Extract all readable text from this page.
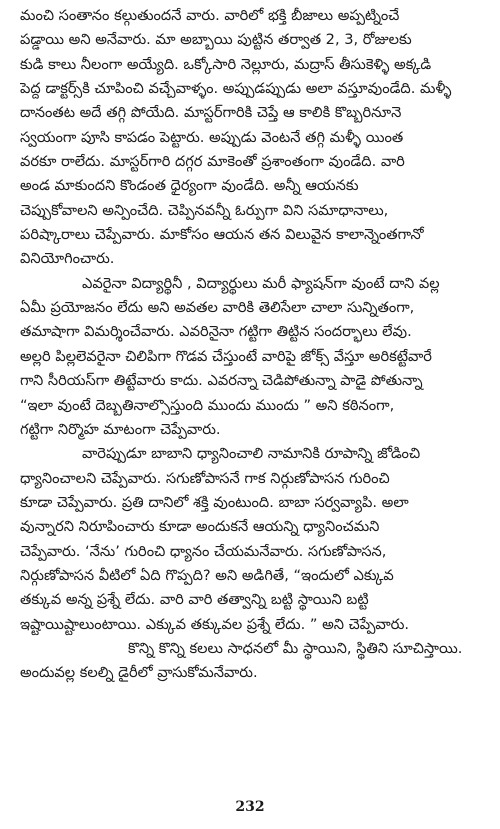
మంచి సంతానం కల్గుతుందనే వారు. వారిలో భక్తి బీజాలు అప్పట్నించే
పడ్డాయి అని అనేవారు. మా అబ్బాయి పుట్టిన తర్వాత 2, 3, రోజులకు
కుడి కాలు నీలంగా అయ్యేది. ఒక్కోసారి నెల్లూరు, మద్రాస్ తీసుకెళ్ళి అక్కడి
పెద్ద డాక్టర్స్‌కి చూపించి వచ్చేవాళ్ళం. అప్పుడప్పుడు అలా వస్తూవుండేది. మళ్ళీ
దానంతట అదే తగ్గి పోయేది. మాస్టర్‌గారికి చెప్తే ఆ కాలికి కొబ్బరినూనె
స్వయంగా పూసి కాపడం పెట్టారు. అప్పుడు వెంటనే తగ్గి మళ్ళీ యింత
వరకూ రాలేదు. మాస్టర్‌గారి దగ్గర మాకెంతో ప్రశాంతంగా వుండేది. వారి
అండ మాకుందని కొండంత ధైర్యంగా వుండేది. అన్నీ ఆయనకు
చెప్పుకోవాలని అన్పించేది. చెప్పినవన్నీ ఓర్పుగా విని సమాధానాలు,
పరిష్కారాలు చెప్పేవారు. మాకోసం ఆయన తన విలువైన కాలాన్నెంతగానో
వినియోగించారు.
ఎవరైనా విద్యార్థినీ , విద్యార్థులు మరీ ఫ్యాషన్‌గా వుంటే దాని వల్ల
ఏమీ ప్రయోజనం లేదు అని అవతల వారికి తెలిసేలా చాలా సున్నితంగా,
తమాషాగా విమర్శించేవారు. ఎవరినైనా గట్టిగా తిట్టిన సందర్భాలు లేవు.
అల్లరి పిల్లలెవరైనా చిలిపిగా గొడవ చేస్తుంటే వారిపై జోక్స్ వేస్తూ అరికట్టేవారే
గాని సీరియస్‌గా తిట్టేవారు కాదు. ఎవరన్నా చెడిపోతున్నా పాడై పోతున్నా
“ఇలా వుంటే దెబ్బతినాల్సొస్తుంది ముందు ముందు ” అని కఠినంగా,
గట్టిగా నిర్మొహ మాటంగా చెప్పేవారు.
వారెప్పుడూ బాబాని ధ్యానించాలి నామానికి రూపాన్ని జోడించి
ధ్యానించాలని చెప్పేవారు. సగుణోపాసనే గాక నిర్గుణోపాసన గురించి
కూడా చెప్పేవారు. ప్రతి దానిలో శక్తి వుంటుంది. బాబా సర్వవ్యాపి. అలా
వున్నారని నిరూపించారు కూడా అందుకనే ఆయన్ని ధ్యానించమని
చెప్పేవారు. ‘నేను’ గురించి ధ్యానం చేయమనేవారు. సగుణోపాసన,
నిర్గుణోపాసన వీటిలో ఏది గొప్పది? అని అడిగితే, “ఇందులో ఎక్కువ
తక్కువ అన్న ప్రశ్నే లేదు. వారి వారి తత్వాన్ని బట్టి స్థాయిని బట్టి
ఇష్టాయిష్టాలుంటాయి. ఎక్కువ తక్కువల ప్రశ్నే లేదు. ” అని చెప్పేవారు.
కొన్ని కొన్ని కలలు సాధనలో మీ స్థాయిని, స్థితిని సూచిస్తాయి.
అందువల్ల కలల్ని డైరీలో వ్రాసుకోమనేవారు.
232
